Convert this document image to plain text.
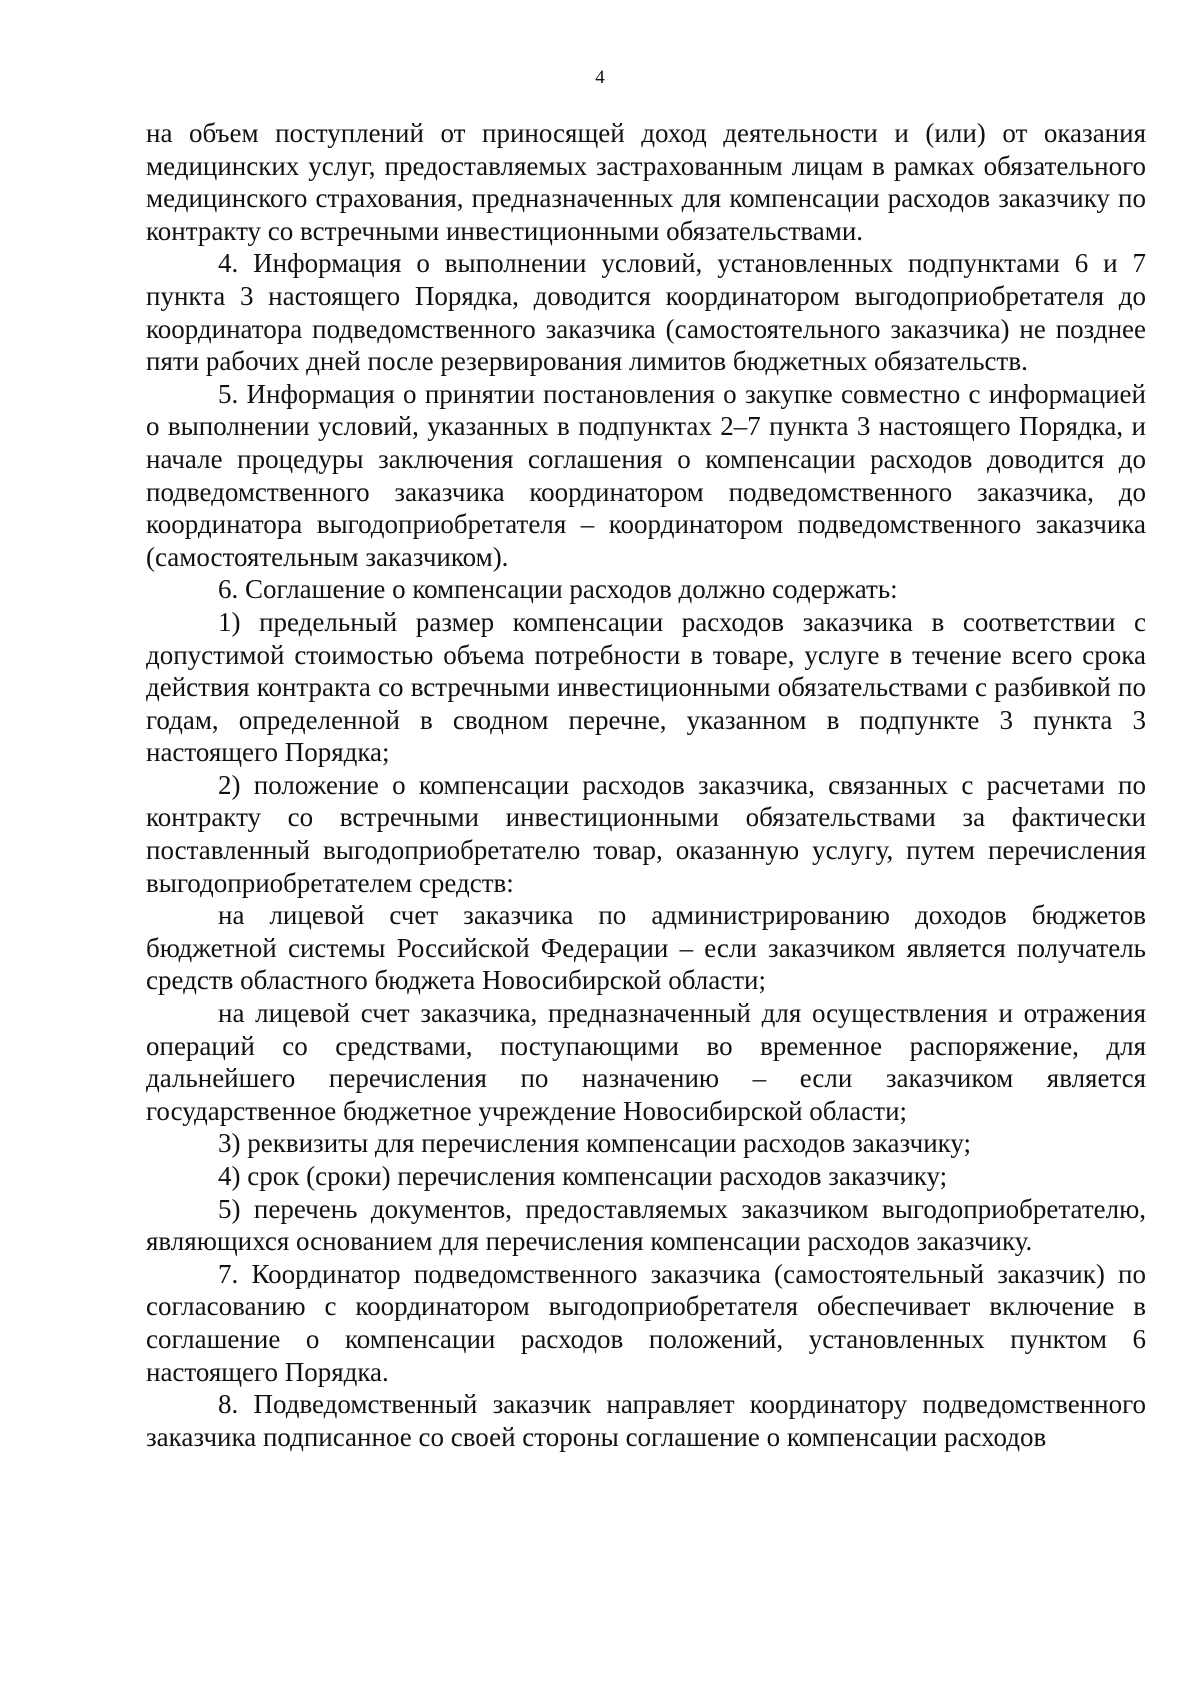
4

на объем поступлений от приносящей доход деятельности и (или) от оказания медицинских услуг, предоставляемых застрахованным лицам в рамках обязательного медицинского страхования, предназначенных для компенсации расходов заказчику по контракту со встречными инвестиционными обязательствами.

4. Информация о выполнении условий, установленных подпунктами 6 и 7 пункта 3 настоящего Порядка, доводится координатором выгодоприобретателя до координатора подведомственного заказчика (самостоятельного заказчика) не позднее пяти рабочих дней после резервирования лимитов бюджетных обязательств.

5. Информация о принятии постановления о закупке совместно с информацией о выполнении условий, указанных в подпунктах 2–7 пункта 3 настоящего Порядка, и начале процедуры заключения соглашения о компенсации расходов доводится до подведомственного заказчика координатором подведомственного заказчика, до координатора выгодоприобретателя – координатором подведомственного заказчика (самостоятельным заказчиком).

6. Соглашение о компенсации расходов должно содержать:

1) предельный размер компенсации расходов заказчика в соответствии с допустимой стоимостью объема потребности в товаре, услуге в течение всего срока действия контракта со встречными инвестиционными обязательствами с разбивкой по годам, определенной в сводном перечне, указанном в подпункте 3 пункта 3 настоящего Порядка;

2) положение о компенсации расходов заказчика, связанных с расчетами по контракту со встречными инвестиционными обязательствами за фактически поставленный выгодоприобретателю товар, оказанную услугу, путем перечисления выгодоприобретателем средств:

на лицевой счет заказчика по администрированию доходов бюджетов бюджетной системы Российской Федерации – если заказчиком является получатель средств областного бюджета Новосибирской области;

на лицевой счет заказчика, предназначенный для осуществления и отражения операций со средствами, поступающими во временное распоряжение, для дальнейшего перечисления по назначению – если заказчиком является государственное бюджетное учреждение Новосибирской области;

3) реквизиты для перечисления компенсации расходов заказчику;

4) срок (сроки) перечисления компенсации расходов заказчику;

5) перечень документов, предоставляемых заказчиком выгодоприобретателю, являющихся основанием для перечисления компенсации расходов заказчику.

7. Координатор подведомственного заказчика (самостоятельный заказчик) по согласованию с координатором выгодоприобретателя обеспечивает включение в соглашение о компенсации расходов положений, установленных пунктом 6 настоящего Порядка.

8. Подведомственный заказчик направляет координатору подведомственного заказчика подписанное со своей стороны соглашение о компенсации расходов
